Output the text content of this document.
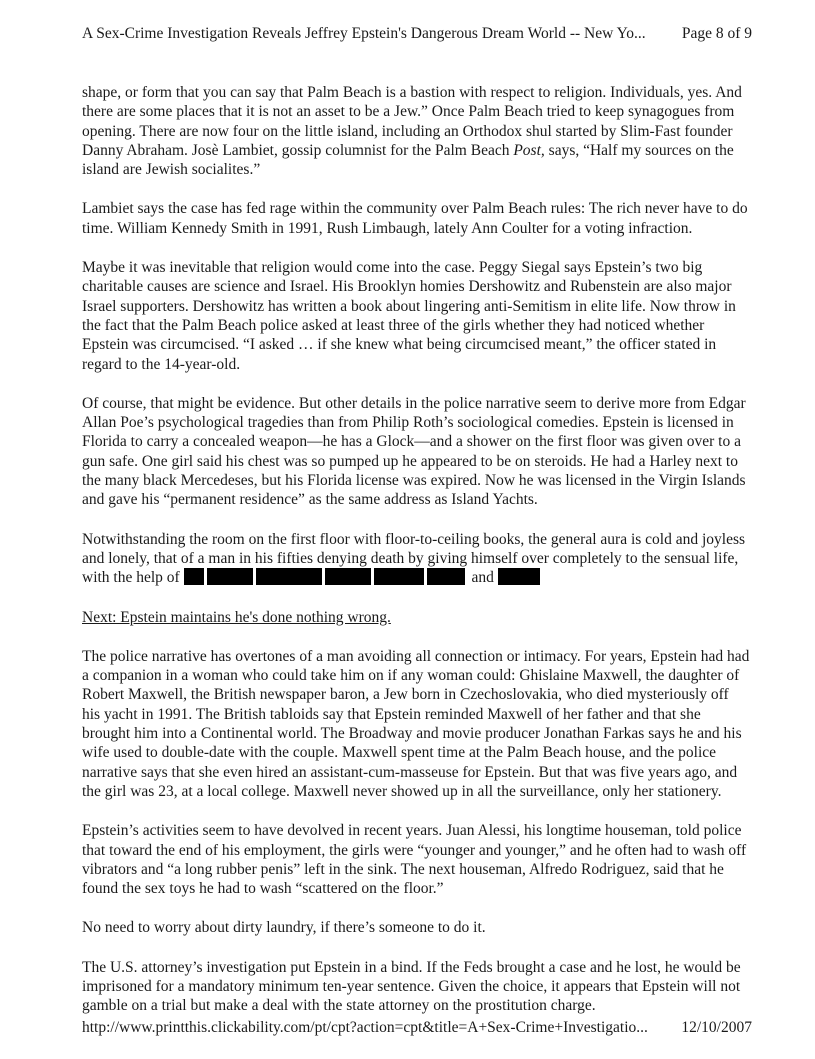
A Sex-Crime Investigation Reveals Jeffrey Epstein's Dangerous Dream World -- New Yo... Page 8 of 9

shape, or form that you can say that Palm Beach is a bastion with respect to religion. Individuals, yes. And there are some places that it is not an asset to be a Jew.” Once Palm Beach tried to keep synagogues from opening. There are now four on the little island, including an Orthodox shul started by Slim-Fast founder Danny Abraham. Josè Lambiet, gossip columnist for the Palm Beach Post, says, “Half my sources on the island are Jewish socialites.”

Lambiet says the case has fed rage within the community over Palm Beach rules: The rich never have to do time. William Kennedy Smith in 1991, Rush Limbaugh, lately Ann Coulter for a voting infraction.

Maybe it was inevitable that religion would come into the case. Peggy Siegal says Epstein’s two big charitable causes are science and Israel. His Brooklyn homies Dershowitz and Rubenstein are also major Israel supporters. Dershowitz has written a book about lingering anti-Semitism in elite life. Now throw in the fact that the Palm Beach police asked at least three of the girls whether they had noticed whether Epstein was circumcised. “I asked … if she knew what being circumcised meant,” the officer stated in regard to the 14-year-old.

Of course, that might be evidence. But other details in the police narrative seem to derive more from Edgar Allan Poe’s psychological tragedies than from Philip Roth’s sociological comedies. Epstein is licensed in Florida to carry a concealed weapon—he has a Glock—and a shower on the first floor was given over to a gun safe. One girl said his chest was so pumped up he appeared to be on steroids. He had a Harley next to the many black Mercedeses, but his Florida license was expired. Now he was licensed in the Virgin Islands and gave his “permanent residence” as the same address as Island Yachts.

Notwithstanding the room on the first floor with floor-to-ceiling books, the general aura is cold and joyless and lonely, that of a man in his fifties denying death by giving himself over completely to the sensual life, with the help of	and

Next: Epstein maintains he's done nothing wrong.

The police narrative has overtones of a man avoiding all connection or intimacy. For years, Epstein had had a companion in a woman who could take him on if any woman could: Ghislaine Maxwell, the daughter of Robert Maxwell, the British newspaper baron, a Jew born in Czechoslovakia, who died mysteriously off his yacht in 1991. The British tabloids say that Epstein reminded Maxwell of her father and that she brought him into a Continental world. The Broadway and movie producer Jonathan Farkas says he and his wife used to double-date with the couple. Maxwell spent time at the Palm Beach house, and the police narrative says that she even hired an assistant-cum-masseuse for Epstein. But that was five years ago, and the girl was 23, at a local college. Maxwell never showed up in all the surveillance, only her stationery.

Epstein’s activities seem to have devolved in recent years. Juan Alessi, his longtime houseman, told police that toward the end of his employment, the girls were “younger and younger,” and he often had to wash off vibrators and “a long rubber penis” left in the sink. The next houseman, Alfredo Rodriguez, said that he found the sex toys he had to wash “scattered on the floor.”

No need to worry about dirty laundry, if there’s someone to do it.

The U.S. attorney’s investigation put Epstein in a bind. If the Feds brought a case and he lost, he would be imprisoned for a mandatory minimum ten-year sentence. Given the choice, it appears that Epstein will not gamble on a trial but make a deal with the state attorney on the prostitution charge.

http://www.printthis.clickability.com/pt/cpt?action=cpt&title=A+Sex-Crime+Investigatio... 12/10/2007
